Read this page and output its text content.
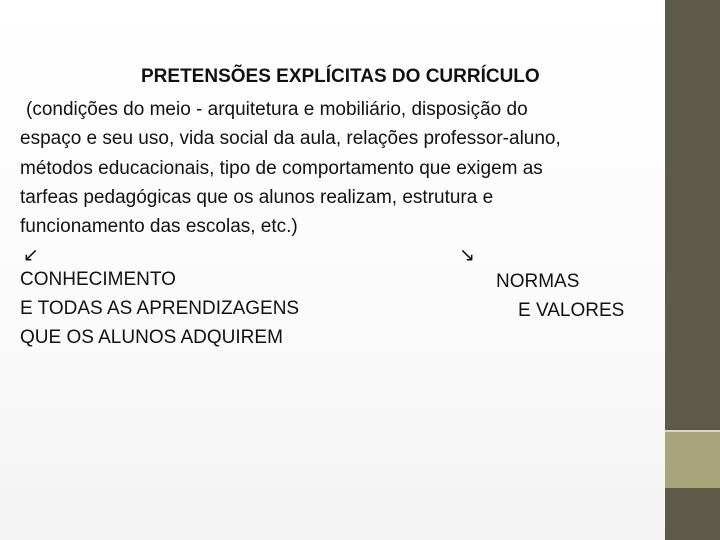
PRETENSÕES EXPLÍCITAS DO CURRÍCULO
(condições do meio - arquitetura e mobiliário, disposição do
espaço e seu uso, vida social da aula, relações professor-aluno,
métodos educacionais, tipo de comportamento que exigem as
tarfeas pedagógicas que os alunos realizam, estrutura e
funcionamento das escolas, etc.)
↙	↘
CONHECIMENTO
E TODAS AS APRENDIZAGENS
QUE OS ALUNOS ADQUIREM
NORMAS
E VALORES
